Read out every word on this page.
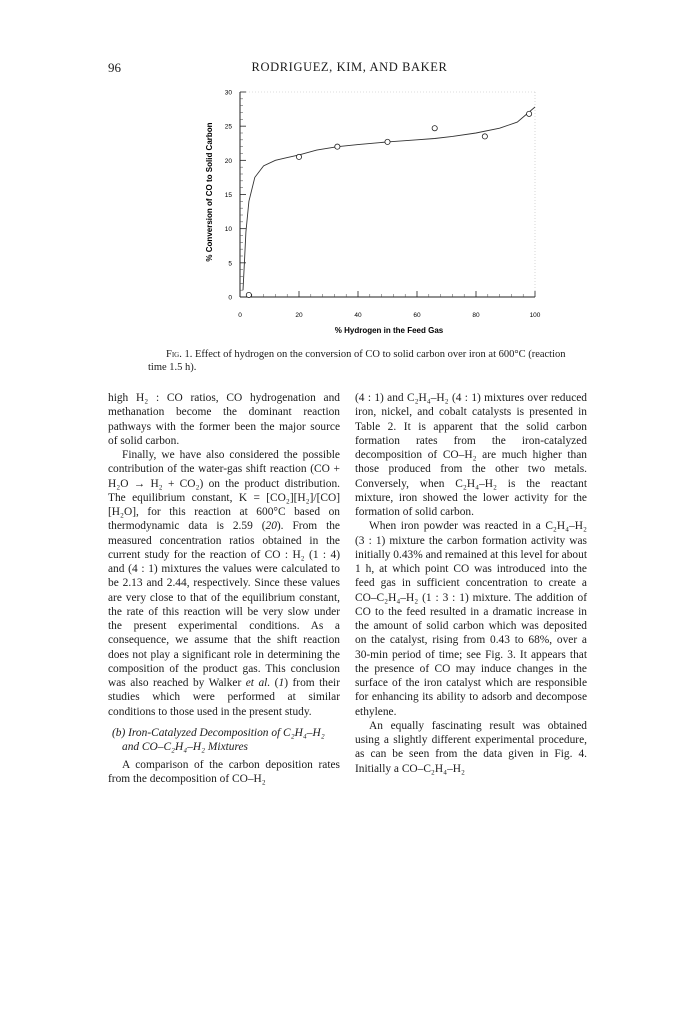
96	RODRIGUEZ, KIM, AND BAKER
0
5
10
15
20
25
30
0	20	40	60	80	100
% Conversion of CO to Solid Carbon
% Hydrogen in the Feed Gas
Fig. 1. Effect of hydrogen on the conversion of CO to solid carbon over iron at 600°C (reaction time 1.5 h).

high H₂ : CO ratios, CO hydrogenation and methanation become the dominant reaction pathways with the former been the major source of solid carbon.

Finally, we have also considered the possible contribution of the water-gas shift reaction (CO + H₂O → H₂ + CO₂) on the product distribution. The equilibrium constant, K = [CO₂][H₂]/[CO][H₂O], for this reaction at 600°C based on thermodynamic data is 2.59 (20). From the measured concentration ratios obtained in the current study for the reaction of CO : H₂ (1 : 4) and (4 : 1) mixtures the values were calculated to be 2.13 and 2.44, respectively. Since these values are very close to that of the equilibrium constant, the rate of this reaction will be very slow under the present experimental conditions. As a consequence, we assume that the shift reaction does not play a significant role in determining the composition of the product gas. This conclusion was also reached by Walker et al. (1) from their studies which were performed at similar conditions to those used in the present study.

(b) Iron-Catalyzed Decomposition of C₂H₄–H₂ and CO–C₂H₄–H₂ Mixtures

A comparison of the carbon deposition rates from the decomposition of CO–H₂

(4 : 1) and C₂H₄–H₂ (4 : 1) mixtures over reduced iron, nickel, and cobalt catalysts is presented in Table 2. It is apparent that the solid carbon formation rates from the iron-catalyzed decomposition of CO–H₂ are much higher than those produced from the other two metals. Conversely, when C₂H₄–H₂ is the reactant mixture, iron showed the lower activity for the formation of solid carbon.

When iron powder was reacted in a C₂H₄–H₂ (3 : 1) mixture the carbon formation activity was initially 0.43% and remained at this level for about 1 h, at which point CO was introduced into the feed gas in sufficient concentration to create a CO–C₂H₄–H₂ (1 : 3 : 1) mixture. The addition of CO to the feed resulted in a dramatic increase in the amount of solid carbon which was deposited on the catalyst, rising from 0.43 to 68%, over a 30-min period of time; see Fig. 3. It appears that the presence of CO may induce changes in the surface of the iron catalyst which are responsible for enhancing its ability to adsorb and decompose ethylene.

An equally fascinating result was obtained using a slightly different experimental procedure, as can be seen from the data given in Fig. 4. Initially a CO–C₂H₄–H₂
